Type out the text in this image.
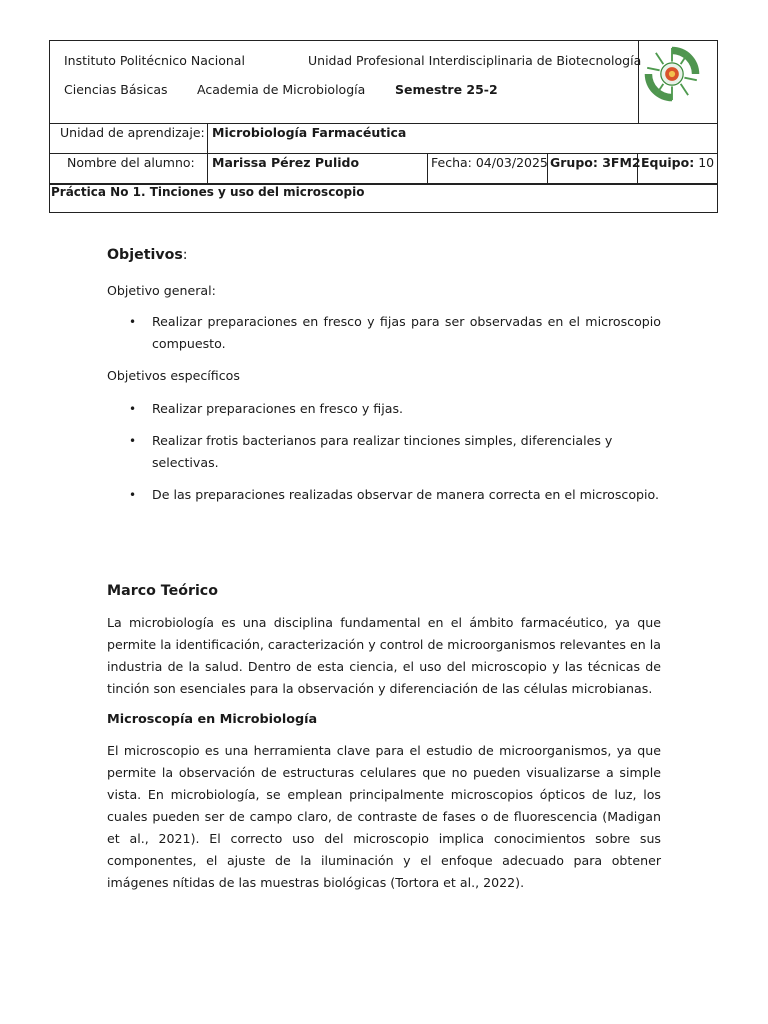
Instituto Politécnico Nacional	Unidad Profesional Interdisciplinaria de Biotecnología
Ciencias Básicas Academia de Microbiología Semestre 25-2
Unidad de aprendizaje: Microbiología Farmacéutica
Nombre del alumno: Marissa Pérez Pulido	Fecha: 04/03/2025 Grupo: 3FM2 Equipo: 10
Práctica No 1. Tinciones y uso del microscopio
Objetivos:

Objetivo general:

• Realizar preparaciones en fresco y fijas para ser observadas en el microscopio compuesto.

Objetivos específicos

• Realizar preparaciones en fresco y fijas.
• Realizar frotis bacterianos para realizar tinciones simples, diferenciales y selectivas.
• De las preparaciones realizadas observar de manera correcta en el microscopio.
Marco Teórico

La microbiología es una disciplina fundamental en el ámbito farmacéutico, ya que permite la identificación, caracterización y control de microorganismos relevantes en la industria de la salud. Dentro de esta ciencia, el uso del microscopio y las técnicas de tinción son esenciales para la observación y diferenciación de las células microbianas.

Microscopía en Microbiología

El microscopio es una herramienta clave para el estudio de microorganismos, ya que permite la observación de estructuras celulares que no pueden visualizarse a simple vista. En microbiología, se emplean principalmente microscopios ópticos de luz, los cuales pueden ser de campo claro, de contraste de fases o de fluorescencia (Madigan et al., 2021). El correcto uso del microscopio implica conocimientos sobre sus componentes, el ajuste de la iluminación y el enfoque adecuado para obtener imágenes nítidas de las muestras biológicas (Tortora et al., 2022).
